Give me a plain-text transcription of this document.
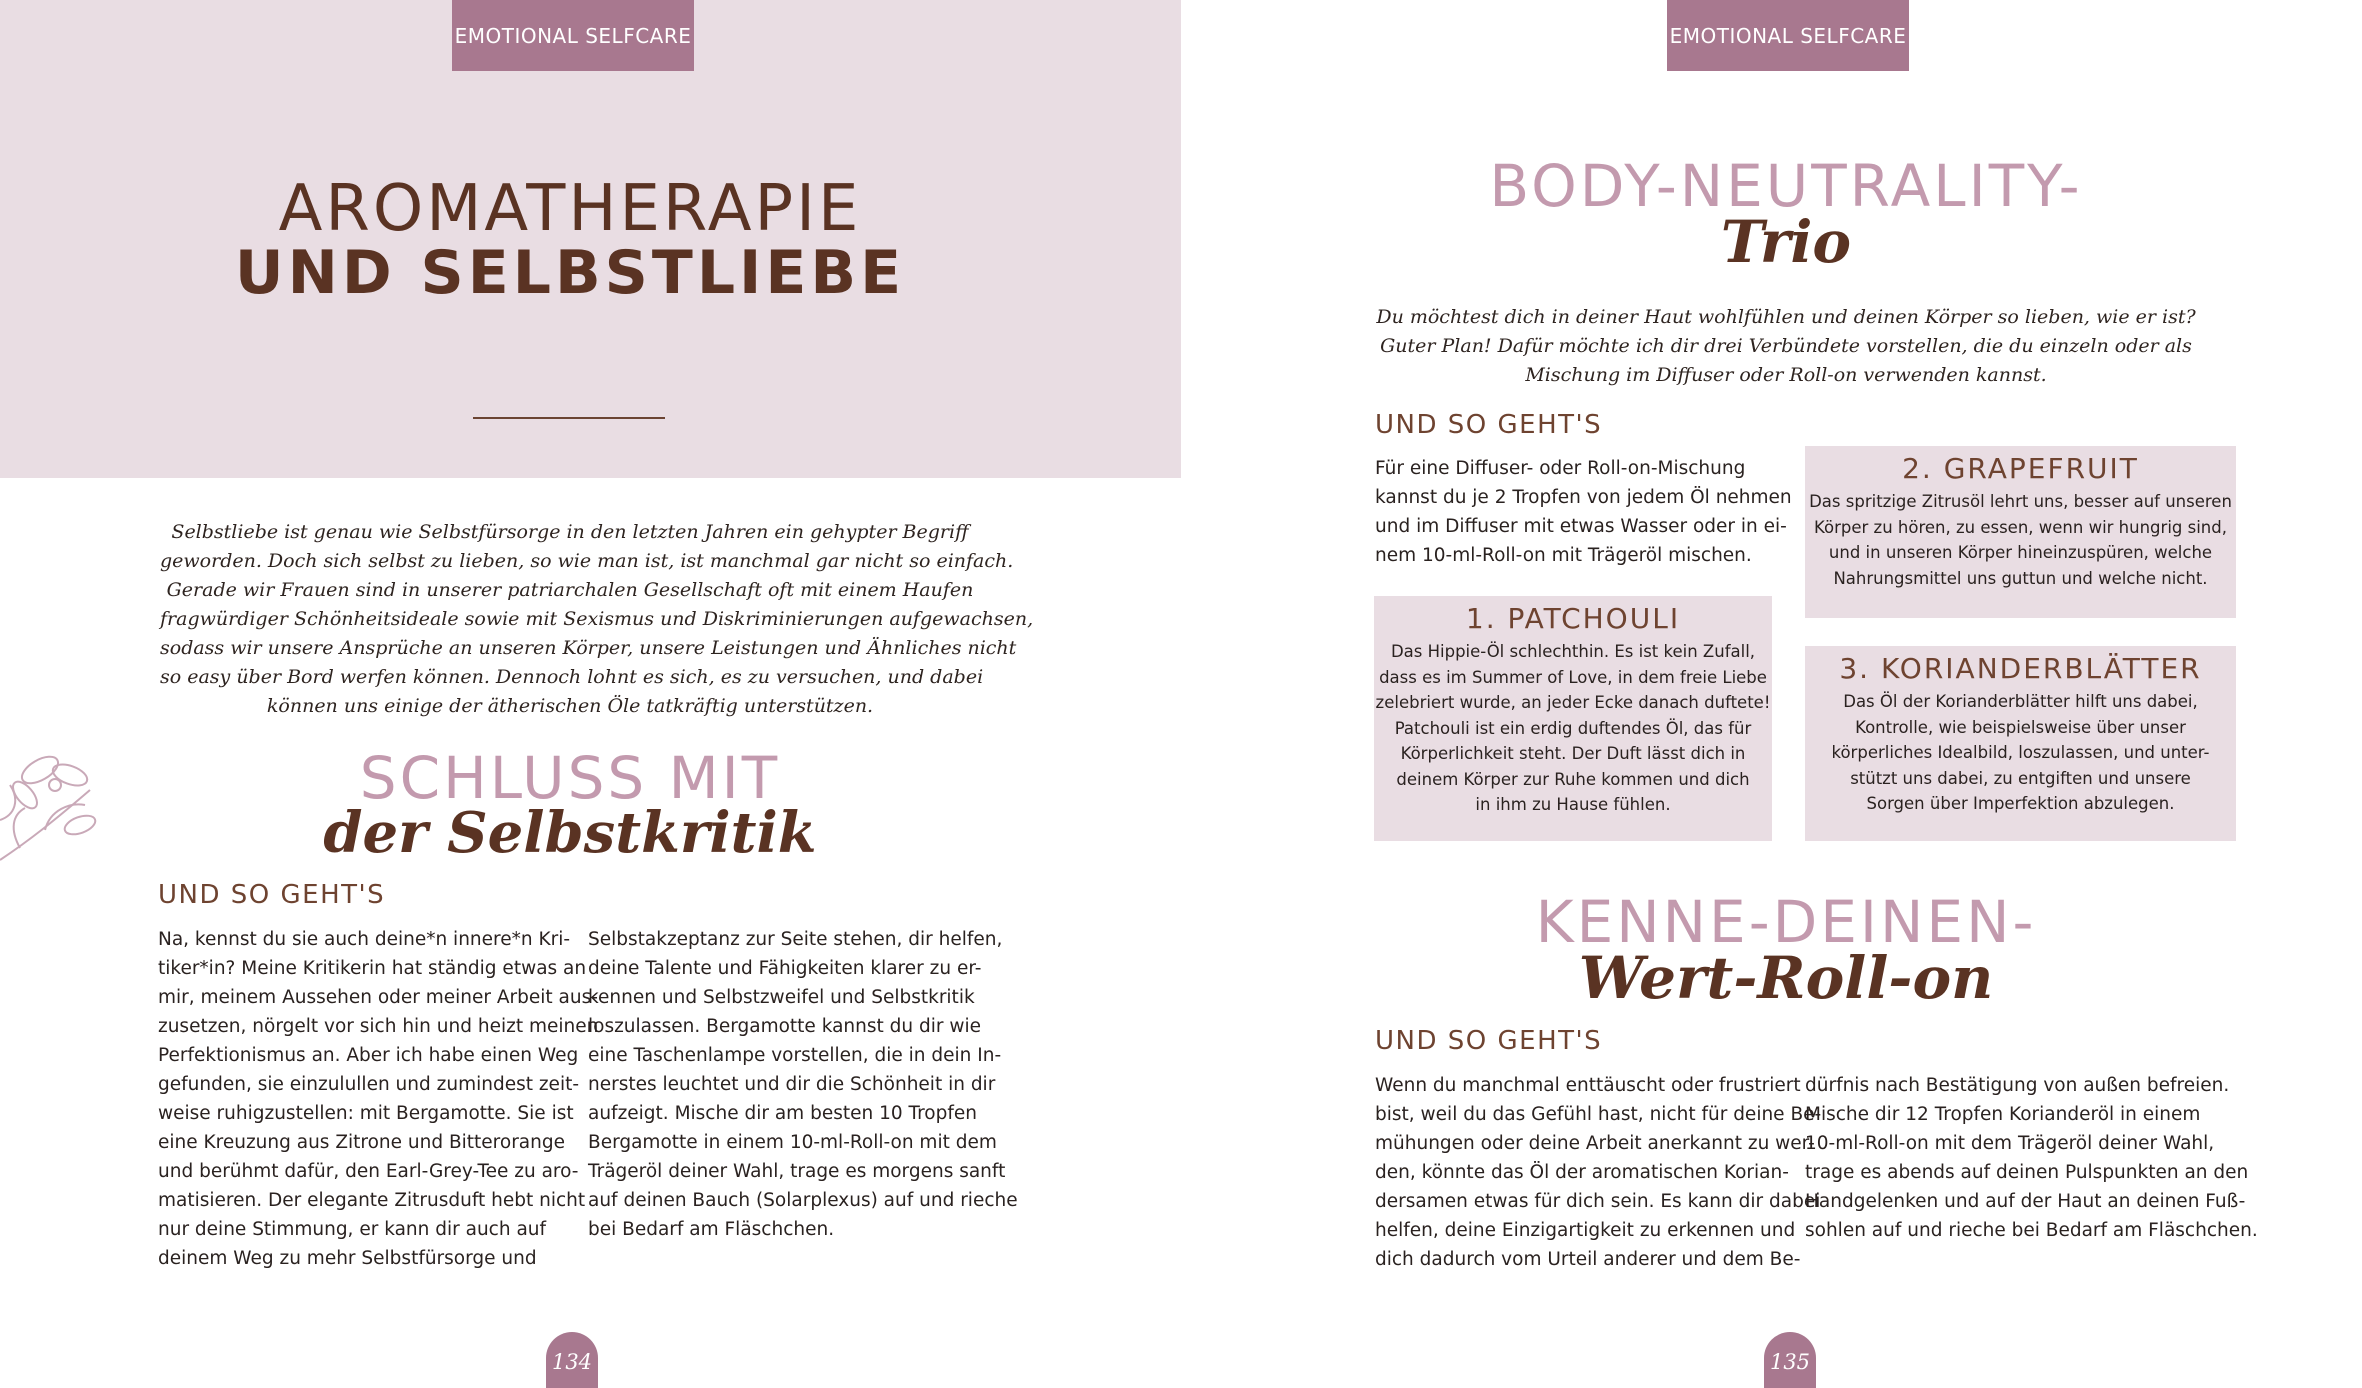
EMOTIONAL SELFCARE
AROMATHERAPIE
UND SELBSTLIEBE

Selbstliebe ist genau wie Selbstfürsorge in den letzten Jahren ein gehypter Begriff

geworden. Doch sich selbst zu lieben, so wie man ist, ist manchmal gar nicht so einfach.

Gerade wir Frauen sind in unserer patriarchalen Gesellschaft oft mit einem Haufen

fragwürdiger Schönheitsideale sowie mit Sexismus und Diskriminierungen aufgewachsen,

sodass wir unsere Ansprüche an unseren Körper, unsere Leistungen und Ähnliches nicht

so easy über Bord werfen können. Dennoch lohnt es sich, es zu versuchen, und dabei

können uns einige der ätherischen Öle tatkräftig unterstützen.

SCHLUSS MIT
der Selbstkritik
UND SO GEHT'S

Na, kennst du sie auch deine*n innere*n Kri-

tiker*in? Meine Kritikerin hat ständig etwas an

mir, meinem Aussehen oder meiner Arbeit aus-

zusetzen, nörgelt vor sich hin und heizt meinen

Perfektionismus an. Aber ich habe einen Weg

gefunden, sie einzulullen und zumindest zeit-

weise ruhigzustellen: mit Bergamotte. Sie ist

eine Kreuzung aus Zitrone und Bitterorange

und berühmt dafür, den Earl-Grey-Tee zu aro-

matisieren. Der elegante Zitrusduft hebt nicht

nur deine Stimmung, er kann dir auch auf

deinem Weg zu mehr Selbstfürsorge und

Selbstakzeptanz zur Seite stehen, dir helfen,

deine Talente und Fähigkeiten klarer zu er-

kennen und Selbstzweifel und Selbstkritik

loszulassen. Bergamotte kannst du dir wie

eine Taschenlampe vorstellen, die in dein In-

nerstes leuchtet und dir die Schönheit in dir

aufzeigt. Mische dir am besten 10 Tropfen

Bergamotte in einem 10-ml-Roll-on mit dem

Trägeröl deiner Wahl, trage es morgens sanft

auf deinen Bauch (Solarplexus) auf und rieche

bei Bedarf am Fläschchen.

134
EMOTIONAL SELFCARE
BODY-NEUTRALITY-
Trio

Du möchtest dich in deiner Haut wohlfühlen und deinen Körper so lieben, wie er ist?

Guter Plan! Dafür möchte ich dir drei Verbündete vorstellen, die du einzeln oder als

Mischung im Diffuser oder Roll-on verwenden kannst.

UND SO GEHT'S

Für eine Diffuser- oder Roll-on-Mischung

kannst du je 2 Tropfen von jedem Öl nehmen

und im Diffuser mit etwas Wasser oder in ei-

nem 10-ml-Roll-on mit Trägeröl mischen.

1. PATCHOULI

Das Hippie-Öl schlechthin. Es ist kein Zufall,

dass es im Summer of Love, in dem freie Liebe

zelebriert wurde, an jeder Ecke danach duftete!

Patchouli ist ein erdig duftendes Öl, das für

Körperlichkeit steht. Der Duft lässt dich in

deinem Körper zur Ruhe kommen und dich

in ihm zu Hause fühlen.

2. GRAPEFRUIT

Das spritzige Zitrusöl lehrt uns, besser auf unseren

Körper zu hören, zu essen, wenn wir hungrig sind,

und in unseren Körper hineinzuspüren, welche

Nahrungsmittel uns guttun und welche nicht.

3. KORIANDERBLÄTTER

Das Öl der Korianderblätter hilft uns dabei,

Kontrolle, wie beispielsweise über unser

körperliches Idealbild, loszulassen, und unter-

stützt uns dabei, zu entgiften und unsere

Sorgen über Imperfektion abzulegen.

KENNE-DEINEN-
Wert-Roll-on
UND SO GEHT'S

Wenn du manchmal enttäuscht oder frustriert

bist, weil du das Gefühl hast, nicht für deine Be-

mühungen oder deine Arbeit anerkannt zu wer-

den, könnte das Öl der aromatischen Korian-

dersamen etwas für dich sein. Es kann dir dabei

helfen, deine Einzigartigkeit zu erkennen und

dich dadurch vom Urteil anderer und dem Be-

dürfnis nach Bestätigung von außen befreien.

Mische dir 12 Tropfen Korianderöl in einem

10-ml-Roll-on mit dem Trägeröl deiner Wahl,

trage es abends auf deinen Pulspunkten an den

Handgelenken und auf der Haut an deinen Fuß-

sohlen auf und rieche bei Bedarf am Fläschchen.

135
